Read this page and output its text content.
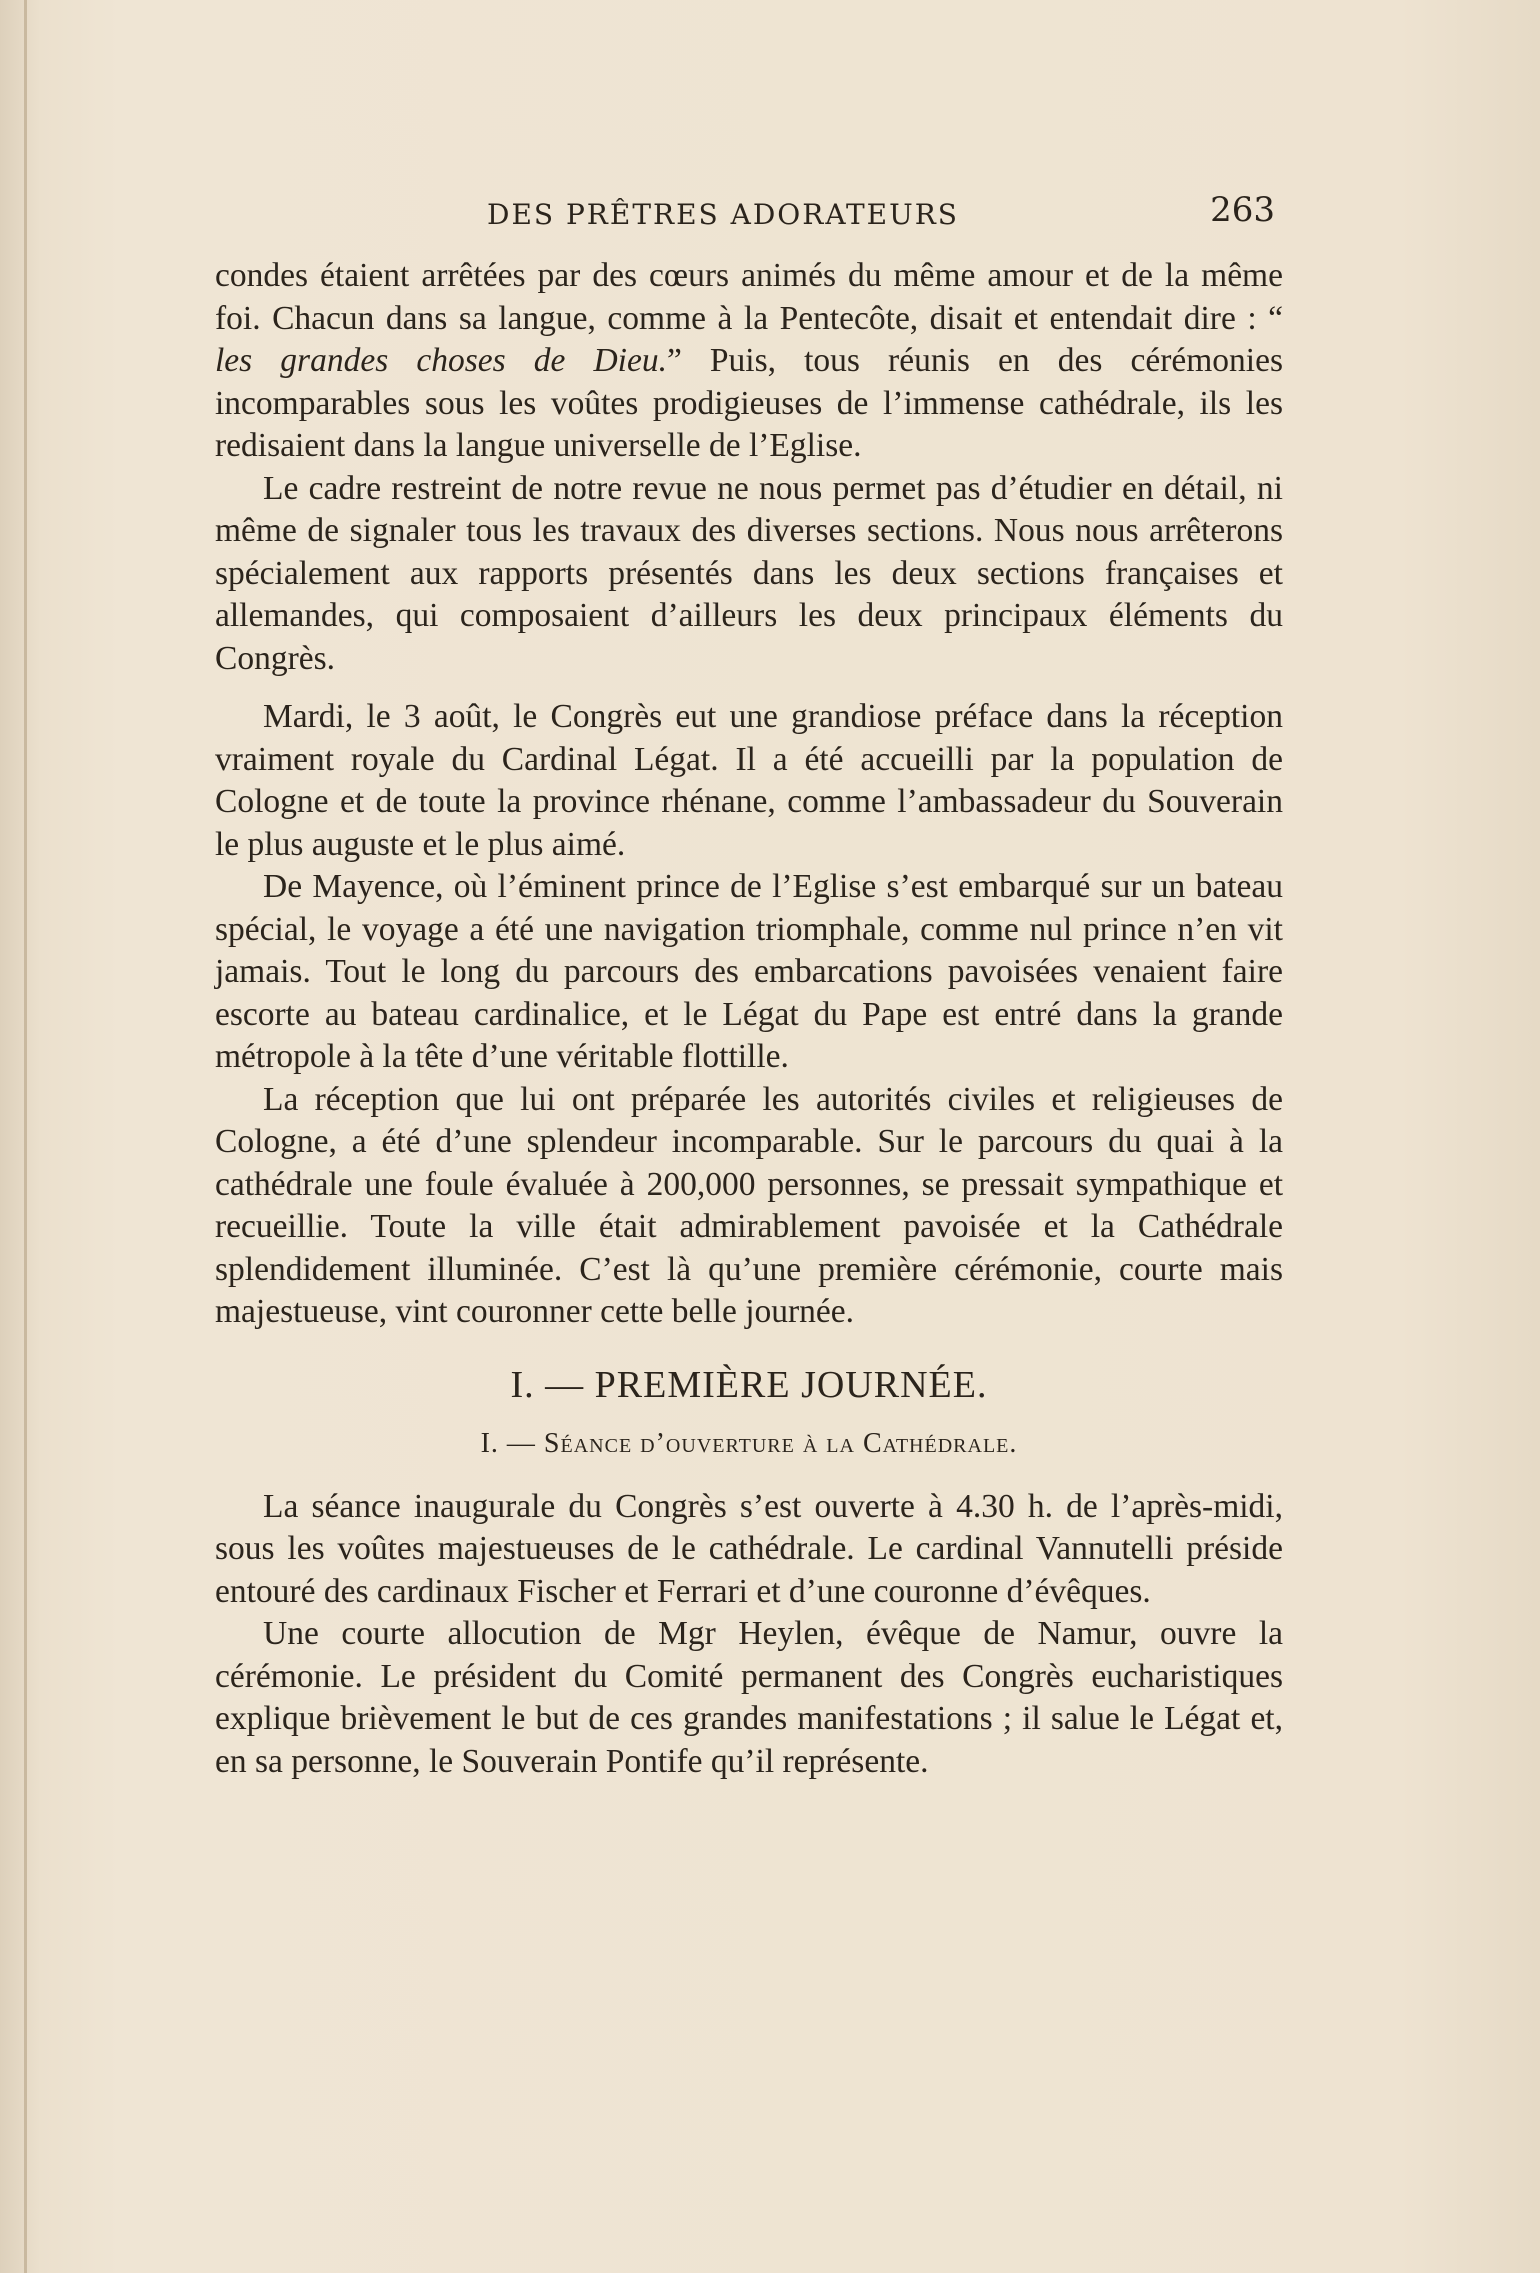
DES PRÊTRES ADORATEURS	263

condes étaient arrêtées par des cœurs animés du même amour et de la même foi. Chacun dans sa langue, comme à la Pentecôte, disait et entendait dire : “ les grandes choses de Dieu.” Puis, tous réunis en des cérémonies incomparables sous les voûtes prodigieuses de l’immense cathédrale, ils les redisaient dans la langue universelle de l’Eglise.

Le cadre restreint de notre revue ne nous permet pas d’étudier en détail, ni même de signaler tous les travaux des diverses sections. Nous nous arrêterons spécialement aux rapports présentés dans les deux sections françaises et allemandes, qui composaient d’ailleurs les deux principaux éléments du Congrès.

Mardi, le 3 août, le Congrès eut une grandiose préface dans la réception vraiment royale du Cardinal Légat. Il a été accueilli par la population de Cologne et de toute la province rhénane, comme l’ambassadeur du Souverain le plus auguste et le plus aimé.

De Mayence, où l’éminent prince de l’Eglise s’est embarqué sur un bateau spécial, le voyage a été une navigation triomphale, comme nul prince n’en vit jamais. Tout le long du parcours des embarcations pavoisées venaient faire escorte au bateau cardinalice, et le Légat du Pape est entré dans la grande métropole à la tête d’une véritable flottille.

La réception que lui ont préparée les autorités civiles et religieuses de Cologne, a été d’une splendeur incomparable. Sur le parcours du quai à la cathédrale une foule évaluée à 200,000 personnes, se pressait sympathique et recueillie. Toute la ville était admirablement pavoisée et la Cathédrale splendidement illuminée. C’est là qu’une première cérémonie, courte mais majestueuse, vint couronner cette belle journée.

I. — PREMIÈRE JOURNÉE.
I. — Séance d’ouverture à la Cathédrale.

La séance inaugurale du Congrès s’est ouverte à 4.30 h. de l’après-midi, sous les voûtes majestueuses de le cathédrale. Le cardinal Vannutelli préside entouré des cardinaux Fischer et Ferrari et d’une couronne d’évêques.

Une courte allocution de Mgr Heylen, évêque de Namur, ouvre la cérémonie. Le président du Comité permanent des Congrès eucharistiques explique brièvement le but de ces grandes manifestations ; il salue le Légat et, en sa personne, le Souverain Pontife qu’il représente.
